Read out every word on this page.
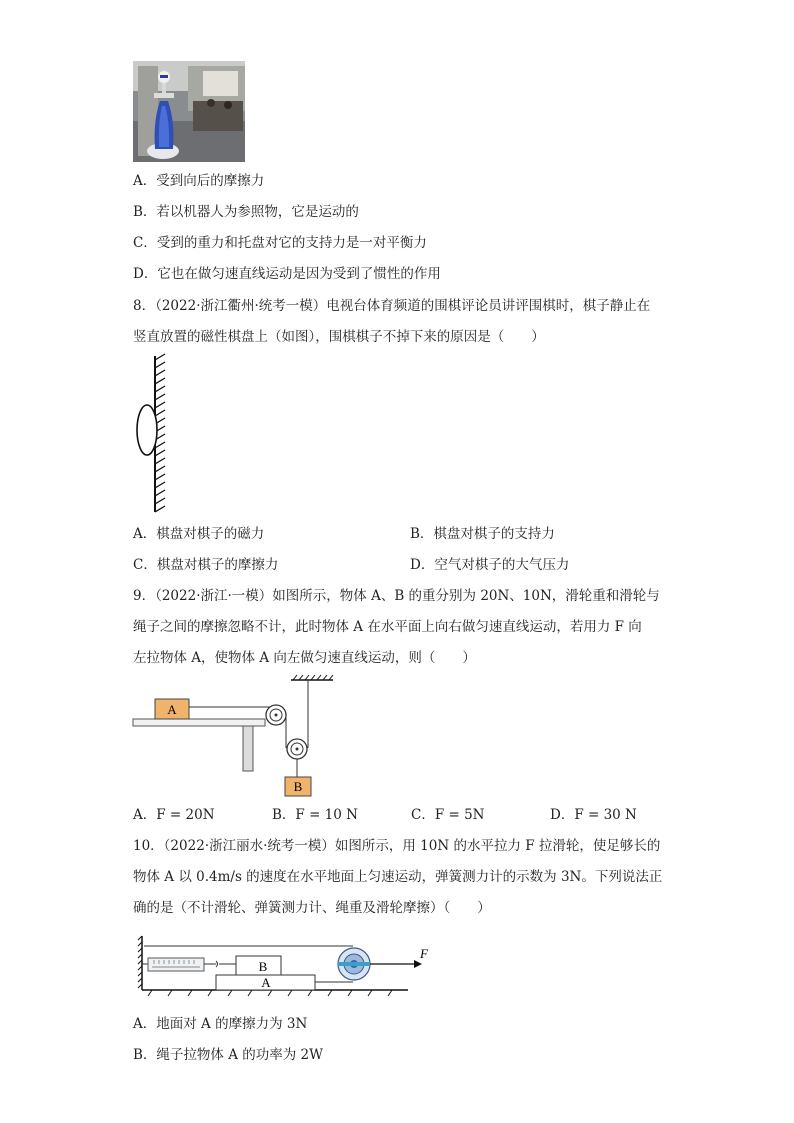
A．受到向后的摩擦力
B．若以机器人为参照物，它是运动的
C．受到的重力和托盘对它的支持力是一对平衡力
D．它也在做匀速直线运动是因为受到了惯性的作用
8．（2022·浙江衢州·统考一模）电视台体育频道的围棋评论员讲评围棋时，棋子静止在
竖直放置的磁性棋盘上（如图），围棋棋子不掉下来的原因是（　　）
A．棋盘对棋子的磁力	B．棋盘对棋子的支持力
C．棋盘对棋子的摩擦力	D．空气对棋子的大气压力
9．（2022·浙江·一模）如图所示，物体 A、B 的重分别为 20N、10N，滑轮重和滑轮与
绳子之间的摩擦忽略不计，此时物体 A 在水平面上向右做匀速直线运动，若用力 F 向
左拉物体 A，使物体 A 向左做匀速直线运动，则（　　）
A
B
A．F = 20N	B．F = 10 N	C．F = 5N	D．F = 30 N
10．（2022·浙江丽水·统考一模）如图所示，用 10N 的水平拉力 F 拉滑轮，使足够长的
物体 A 以 0.4m/s 的速度在水平地面上匀速运动，弹簧测力计的示数为 3N。下列说法正
确的是（不计滑轮、弹簧测力计、绳重及滑轮摩擦）（　　）
B
A
F
A．地面对 A 的摩擦力为 3N
B．绳子拉物体 A 的功率为 2W
